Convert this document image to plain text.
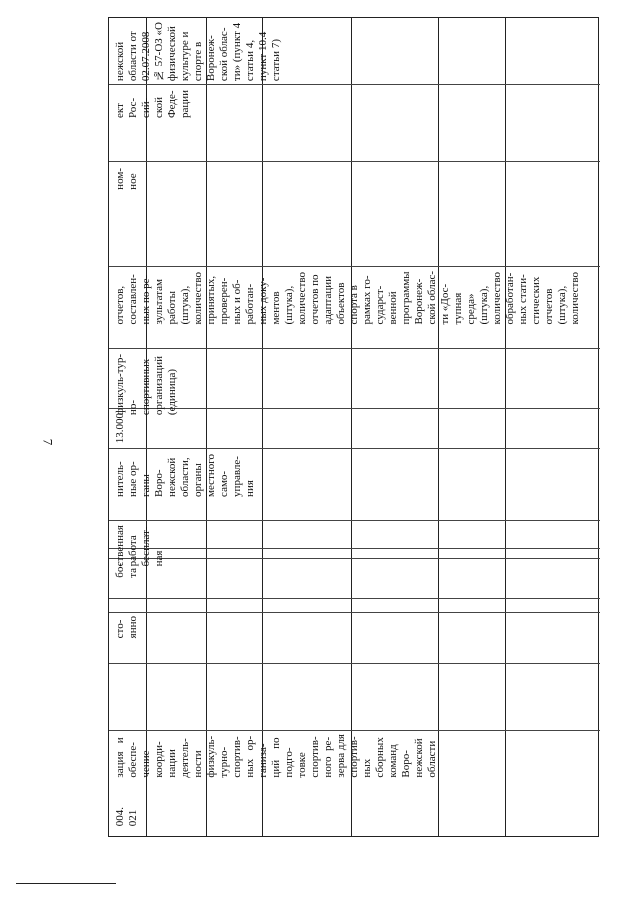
7
нежской
области от
02.07.2008
№ 57-ОЗ «О
физической
культуре и
спорте в
Воронеж-
ской облас-
ти» (пункт 4
статьи 4,
пункт 10.4
статьи 7)
ект
Рос-
сий-
ской
Феде-
рации
ном-
ное
отчетов,
составлен-
ных по ре-
зультатам
работы
(штука),
количество
принятых,
проверен-
ных и об-
работан-
ных доку-
ментов
(штука),
количество
отчетов по
адаптации
объектов
спорта в
рамках го-
сударст-
венной
программы
Воронеж-
ской облас-
ти «Дос-
тупная
среда»
(штука),
количество
обработан-
ных стати-
стических
отчетов
(штука),
количество
физкуль-тур-
но-
спортивных
организаций
(единица)
13.000
нитель-
ные ор-
ганы
Воро-
нежской
области,
органы
местного
само-
управле-
ния
ственная
работа
бесплат-
ная
бо-
та
сто-
янно
зация   и
обеспе-
чение
коорди-
нации
деятель-
ности
физкуль-
турно-
спортив-
ных   ор-
ганиза-
ций    по
подго-
товке
спортив-
ного  ре-
зерва для
спортив-
ных
сборных
команд
Воро-
нежской
области
004.
021
